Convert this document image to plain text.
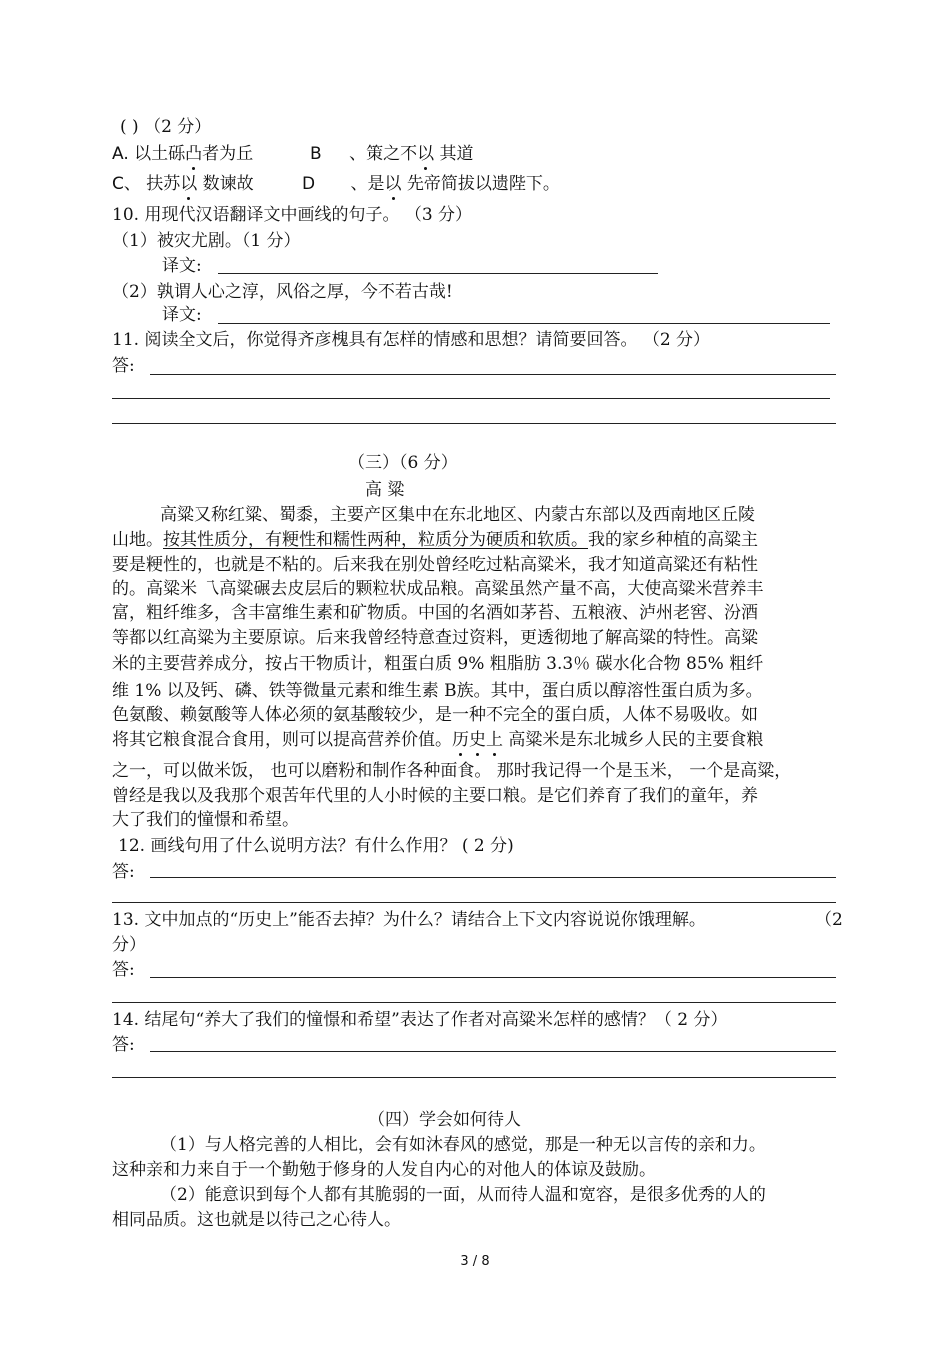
( ) （2 分）
A. 以土砾凸者为丘	B 、策之不以 其道
C、 扶苏以 数谏故	D 、是以 先帝简拔以遗陛下。
10. 用现代汉语翻译文中画线的句子。 （3 分）
（1）被灾尤剧。（1 分）
译文:
（2）孰谓人心之淳，风俗之厚，今不若古哉!
译文:
11. 阅读全文后，你觉得齐彦槐具有怎样的情感和思想？请简要回答。 （2 分）
答:
（三）（6 分）
高 粱
高粱又称红粱、蜀黍，主要产区集中在东北地区、内蒙古东部以及西南地区丘陵
山地。按其性质分，有粳性和糯性两种，粒质分为硬质和软质。我的家乡种植的高粱主
要是粳性的，也就是不粘的。后来我在别处曾经吃过粘高粱米，我才知道高粱还有粘性
的。高粱米 乁高粱碾去皮层后的颗粒状成品粮。高粱虽然产量不高，大使高粱米营养丰
富，粗纤维多，含丰富维生素和矿物质。中国的名酒如茅苔、五粮液、泸州老窖、汾酒
等都以红高粱为主要原谅。后来我曾经特意查过资料，更透彻地了解高粱的特性。高粱
米的主要营养成分，按占干物质计，粗蛋白质 9% 粗脂肪 3.3％ 碳水化合物 85% 粗纤
维 1% 以及钙、磷、铁等微量元素和维生素 B族。其中，蛋白质以醇溶性蛋白质为多。
色氨酸、赖氨酸等人体必须的氨基酸较少，是一种不完全的蛋白质，人体不易吸收。如
将其它粮食混合食用，则可以提高营养价值。历史上 高粱米是东北城乡人民的主要食粮
之一，可以做米饭， 也可以磨粉和制作各种面食。 那时我记得一个是玉米， 一个是高粱，
曾经是我以及我那个艰苦年代里的人小时候的主要口粮。是它们养育了我们的童年，养
大了我们的憧憬和希望。
12. 画线句用了什么说明方法？有什么作用？ ( 2 分)
答:
13. 文中加点的“历史上”能否去掉？为什么？请结合上下文内容说说你饿理解。	（2
分）
答:
14. 结尾句“养大了我们的憧憬和希望”表达了作者对高粱米怎样的感情？（ 2 分）
答:
（四）学会如何待人
（1）与人格完善的人相比，会有如沐春风的感觉，那是一种无以言传的亲和力。
这种亲和力来自于一个勤勉于修身的人发自内心的对他人的体谅及鼓励。
（2）能意识到每个人都有其脆弱的一面，从而待人温和宽容，是很多优秀的人的
相同品质。这也就是以待己之心待人。
3 / 8
